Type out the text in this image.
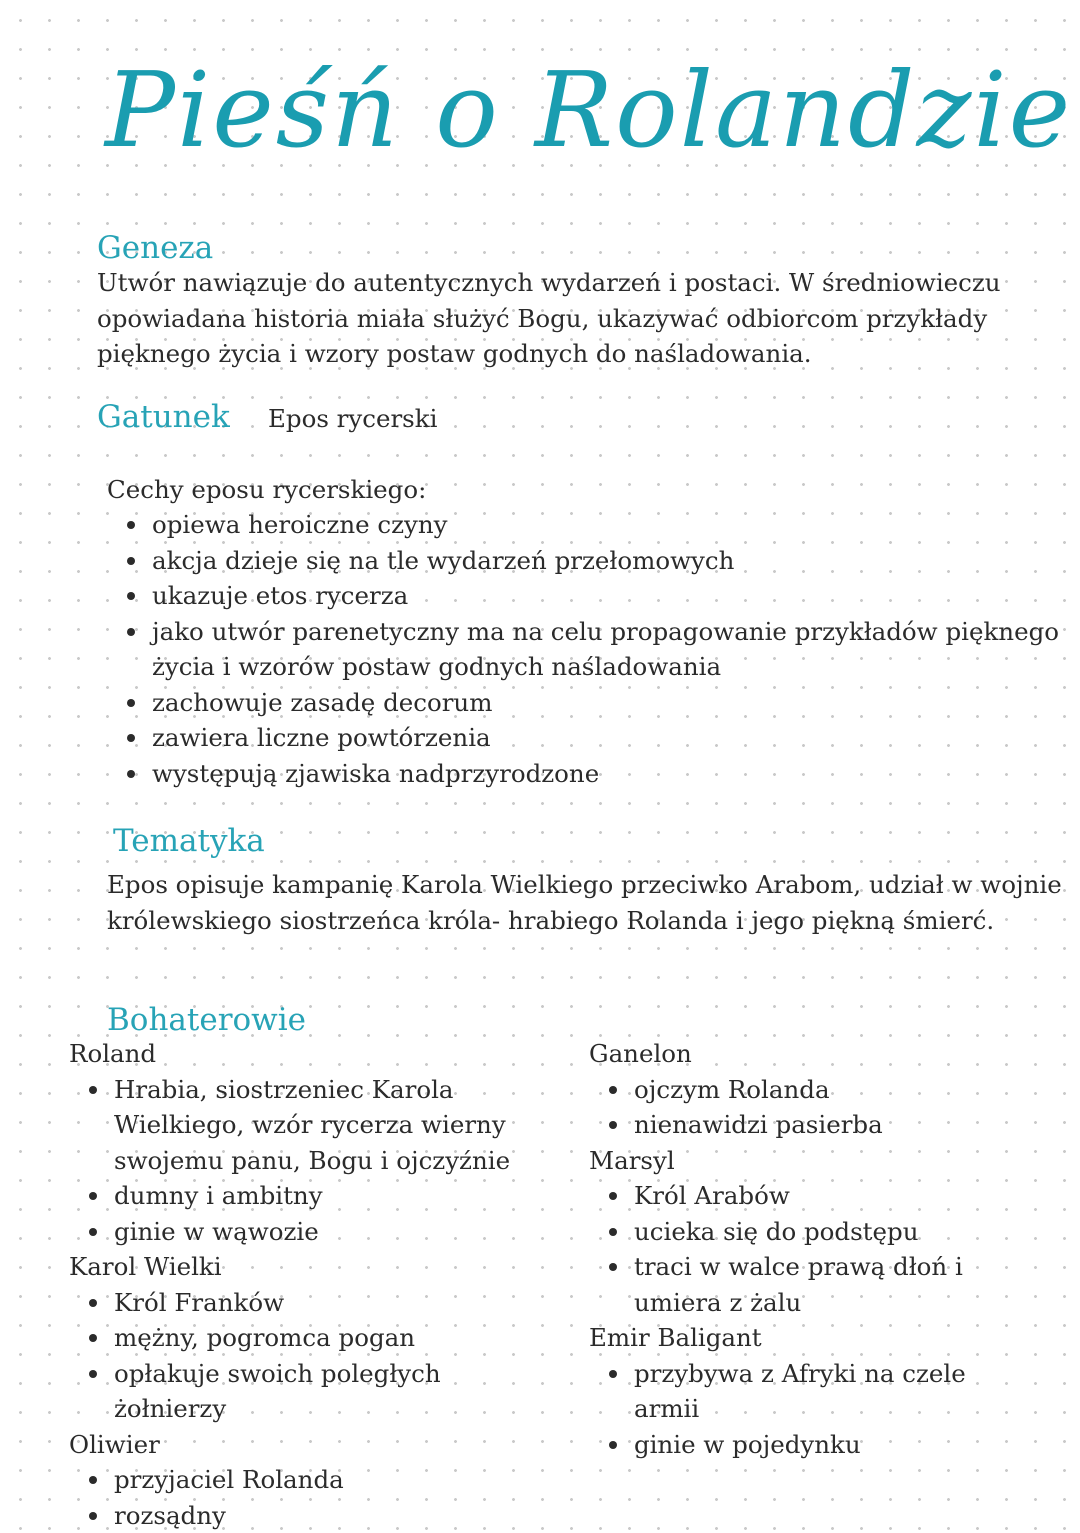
Pieśń o Rolandzie
Geneza

Utwór nawiązuje do autentycznych wydarzeń i postaci. W średniowieczu
opowiadana historia miała służyć Bogu, ukazywać odbiorcom przykłady
pięknego życia i wzory postaw godnych do naśladowania.

Gatunek Epos rycerski

Cechy eposu rycerskiego:

opiewa heroiczne czyny
akcja dzieje się na tle wydarzeń przełomowych
ukazuje etos rycerza
jako utwór parenetyczny ma na celu propagowanie przykładów pięknego
życia i wzorów postaw godnych naśladowania
zachowuje zasadę decorum
zawiera liczne powtórzenia
występują zjawiska nadprzyrodzone
Tematyka

Epos opisuje kampanię Karola Wielkiego przeciwko Arabom, udział w wojnie
królewskiego siostrzeńca króla- hrabiego Rolanda i jego piękną śmierć.

Bohaterowie
Roland
Hrabia, siostrzeniec Karola
Wielkiego, wzór rycerza wierny
swojemu panu, Bogu i ojczyźnie
dumny i ambitny
ginie w wąwozie
Karol Wielki
Król Franków
mężny, pogromca pogan
opłakuje swoich poległych
żołnierzy
Oliwier
przyjaciel Rolanda
rozsądny
Ganelon
ojczym Rolanda
nienawidzi pasierba
Marsyl
Król Arabów
ucieka się do podstępu
traci w walce prawą dłoń i
umiera z żalu
Emir Baligant
przybywa z Afryki na czele
armii
ginie w pojedynku
